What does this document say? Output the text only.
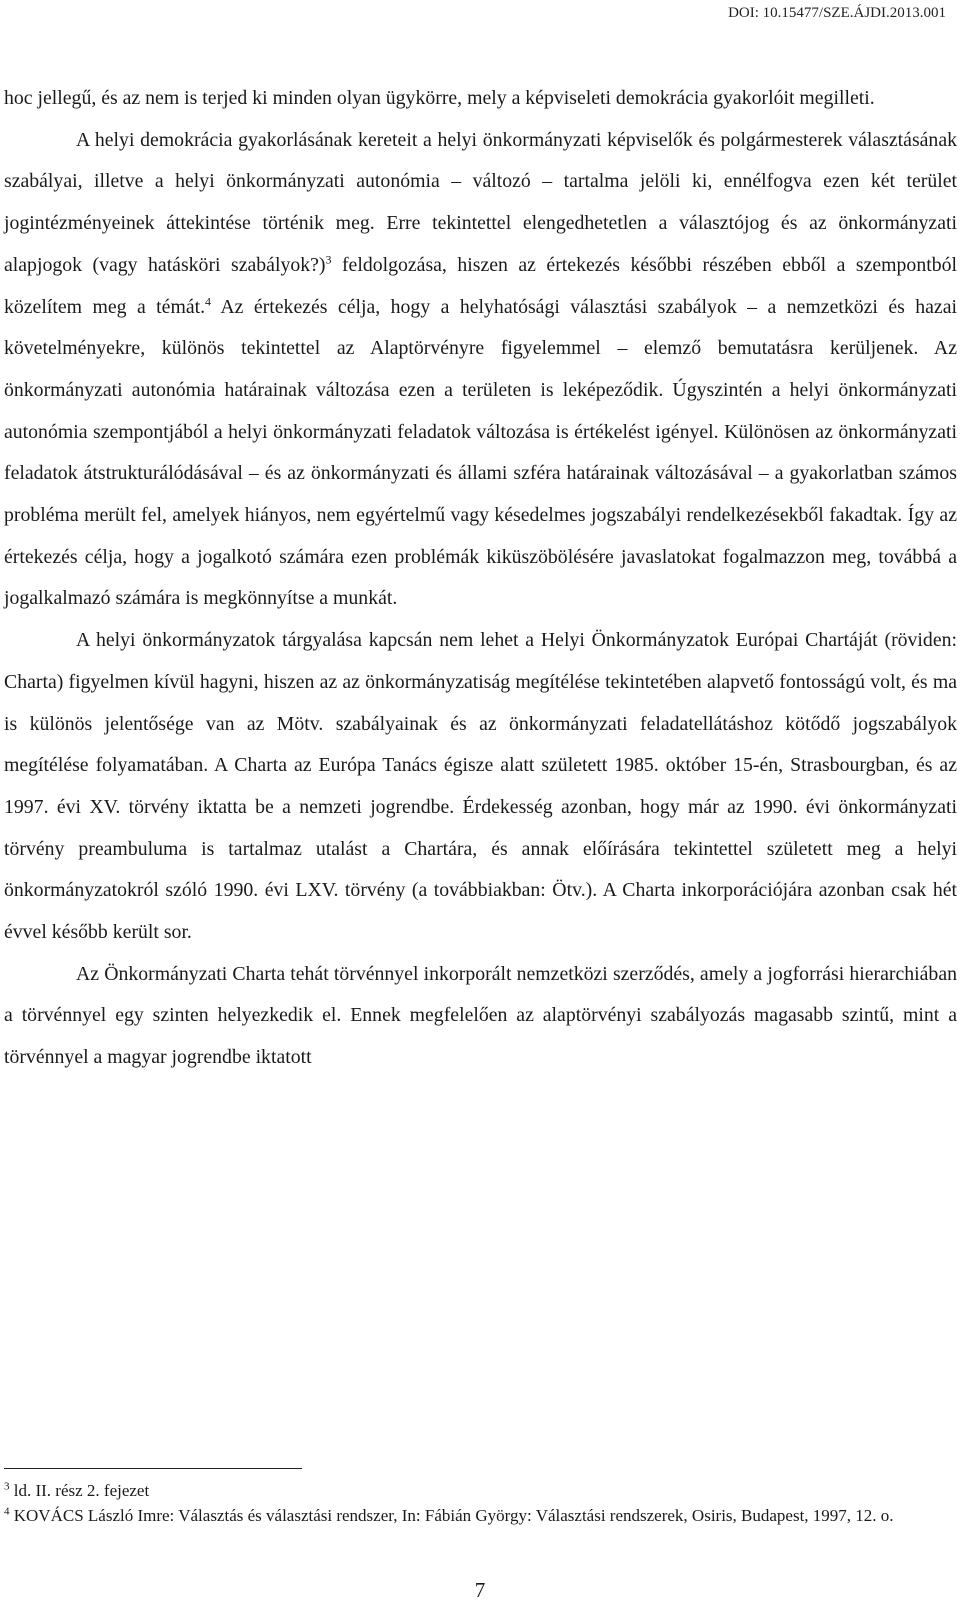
DOI: 10.15477/SZE.ÁJDI.2013.001

hoc jellegű, és az nem is terjed ki minden olyan ügykörre, mely a képviseleti demokrácia gyakorlóit megilleti.

A helyi demokrácia gyakorlásának kereteit a helyi önkormányzati képviselők és polgármesterek választásának szabályai, illetve a helyi önkormányzati autonómia – változó – tartalma jelöli ki, ennélfogva ezen két terület jogintézményeinek áttekintése történik meg. Erre tekintettel elengedhetetlen a választójog és az önkormányzati alapjogok (vagy hatásköri szabályok?)$^3$ feldolgozása, hiszen az értekezés későbbi részében ebből a szempontból közelítem meg a témát.$^4$ Az értekezés célja, hogy a helyhatósági választási szabályok – a nemzetközi és hazai követelményekre, különös tekintettel az Alaptörvényre figyelemmel – elemző bemutatásra kerüljenek. Az önkormányzati autonómia határainak változása ezen a területen is leképeződik. Úgyszintén a helyi önkormányzati autonómia szempontjából a helyi önkormányzati feladatok változása is értékelést igényel. Különösen az önkormányzati feladatok átstrukturálódásával – és az önkormányzati és állami szféra határainak változásával – a gyakorlatban számos probléma merült fel, amelyek hiányos, nem egyértelmű vagy késedelmes jogszabályi rendelkezésekből fakadtak. Így az értekezés célja, hogy a jogalkotó számára ezen problémák kiküszöbölésére javaslatokat fogalmazzon meg, továbbá a jogalkalmazó számára is megkönnyítse a munkát.

A helyi önkormányzatok tárgyalása kapcsán nem lehet a Helyi Önkormányzatok Európai Chartáját (röviden: Charta) figyelmen kívül hagyni, hiszen az az önkormányzatiság megítélése tekintetében alapvető fontosságú volt, és ma is különös jelentősége van az Mötv. szabályainak és az önkormányzati feladatellátáshoz kötődő jogszabályok megítélése folyamatában. A Charta az Európa Tanács égisze alatt született 1985. október 15-én, Strasbourgban, és az 1997. évi XV. törvény iktatta be a nemzeti jogrendbe. Érdekesség azonban, hogy már az 1990. évi önkormányzati törvény preambuluma is tartalmaz utalást a Chartára, és annak előírására tekintettel született meg a helyi önkormányzatokról szóló 1990. évi LXV. törvény (a továbbiakban: Ötv.). A Charta inkorporációjára azonban csak hét évvel később került sor.

Az Önkormányzati Charta tehát törvénnyel inkorporált nemzetközi szerződés, amely a jogforrási hierarchiában a törvénnyel egy szinten helyezkedik el. Ennek megfelelően az alaptörvényi szabályozás magasabb szintű, mint a törvénnyel a magyar jogrendbe iktatott

$^3$ ld. II. rész 2. fejezet

$^4$ KOVÁCS László Imre: Választás és választási rendszer, In: Fábián György: Választási rendszerek, Osiris, Budapest, 1997, 12. o.

7
